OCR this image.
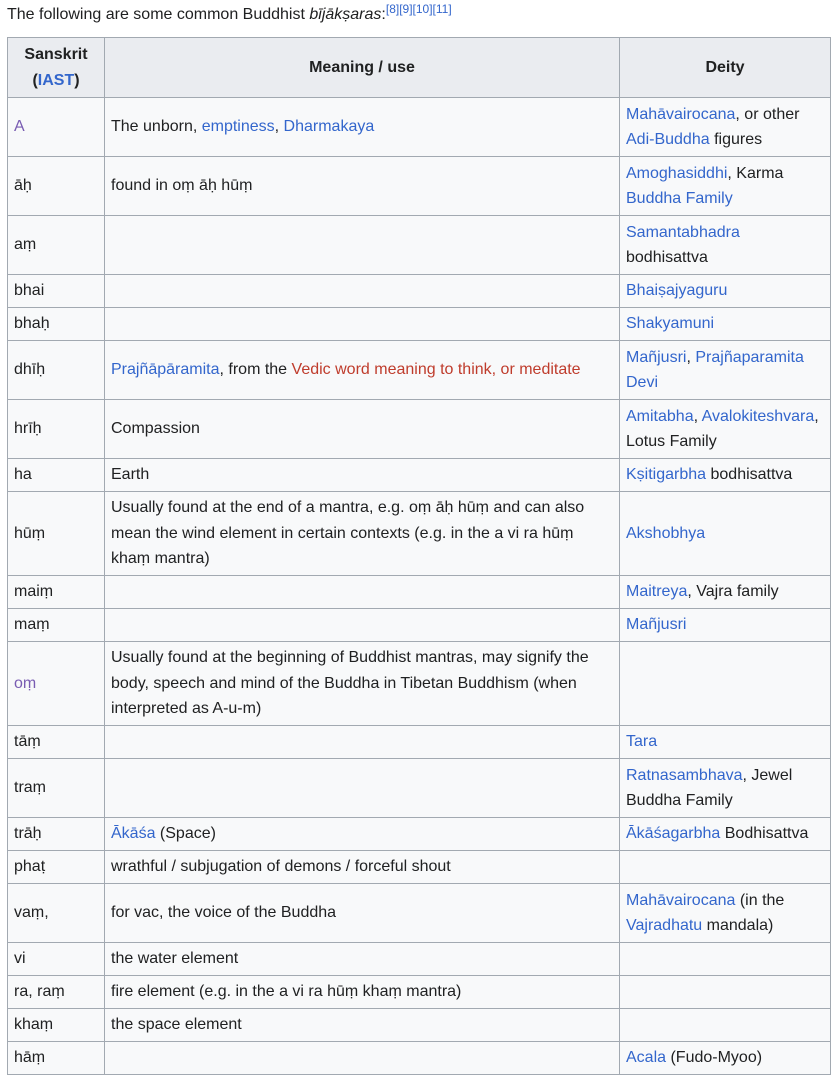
The following are some common Buddhist bījākṣaras:[8][9][10][11]
Sanskrit
(IAST)	Meaning / use	Deity
A	The unborn, emptiness, Dharmakaya	Mahāvairocana, or other Adi-Buddha figures
āḥ	found in oṃ āḥ hūṃ	Amoghasiddhi, Karma Buddha Family
aṃ		Samantabhadra bodhisattva
bhai		Bhaiṣajyaguru
bhaḥ		Shakyamuni
dhīḥ	Prajñāpāramita, from the Vedic word meaning to think, or meditate	Mañjusri, Prajñaparamita Devi
hrīḥ	Compassion	Amitabha, Avalokiteshvara, Lotus Family
ha	Earth	Kṣitigarbha bodhisattva
hūṃ	Usually found at the end of a mantra, e.g. oṃ āḥ hūṃ and can also mean the wind element in certain contexts (e.g. in the a vi ra hūṃ khaṃ mantra)	Akshobhya
maiṃ		Maitreya, Vajra family
maṃ		Mañjusri
oṃ	Usually found at the beginning of Buddhist mantras, may signify the body, speech and mind of the Buddha in Tibetan Buddhism (when interpreted as A-u-m)	
tāṃ		Tara
traṃ		Ratnasambhava, Jewel Buddha Family
trāḥ	Ākāśa (Space)	Ākāśagarbha Bodhisattva
phaṭ	wrathful / subjugation of demons / forceful shout	
vaṃ,	for vac, the voice of the Buddha	Mahāvairocana (in the Vajradhatu mandala)
vi	the water element	
ra, raṃ	fire element (e.g. in the a vi ra hūṃ khaṃ mantra)	
khaṃ	the space element	
hāṃ		Acala (Fudo-Myoo)
